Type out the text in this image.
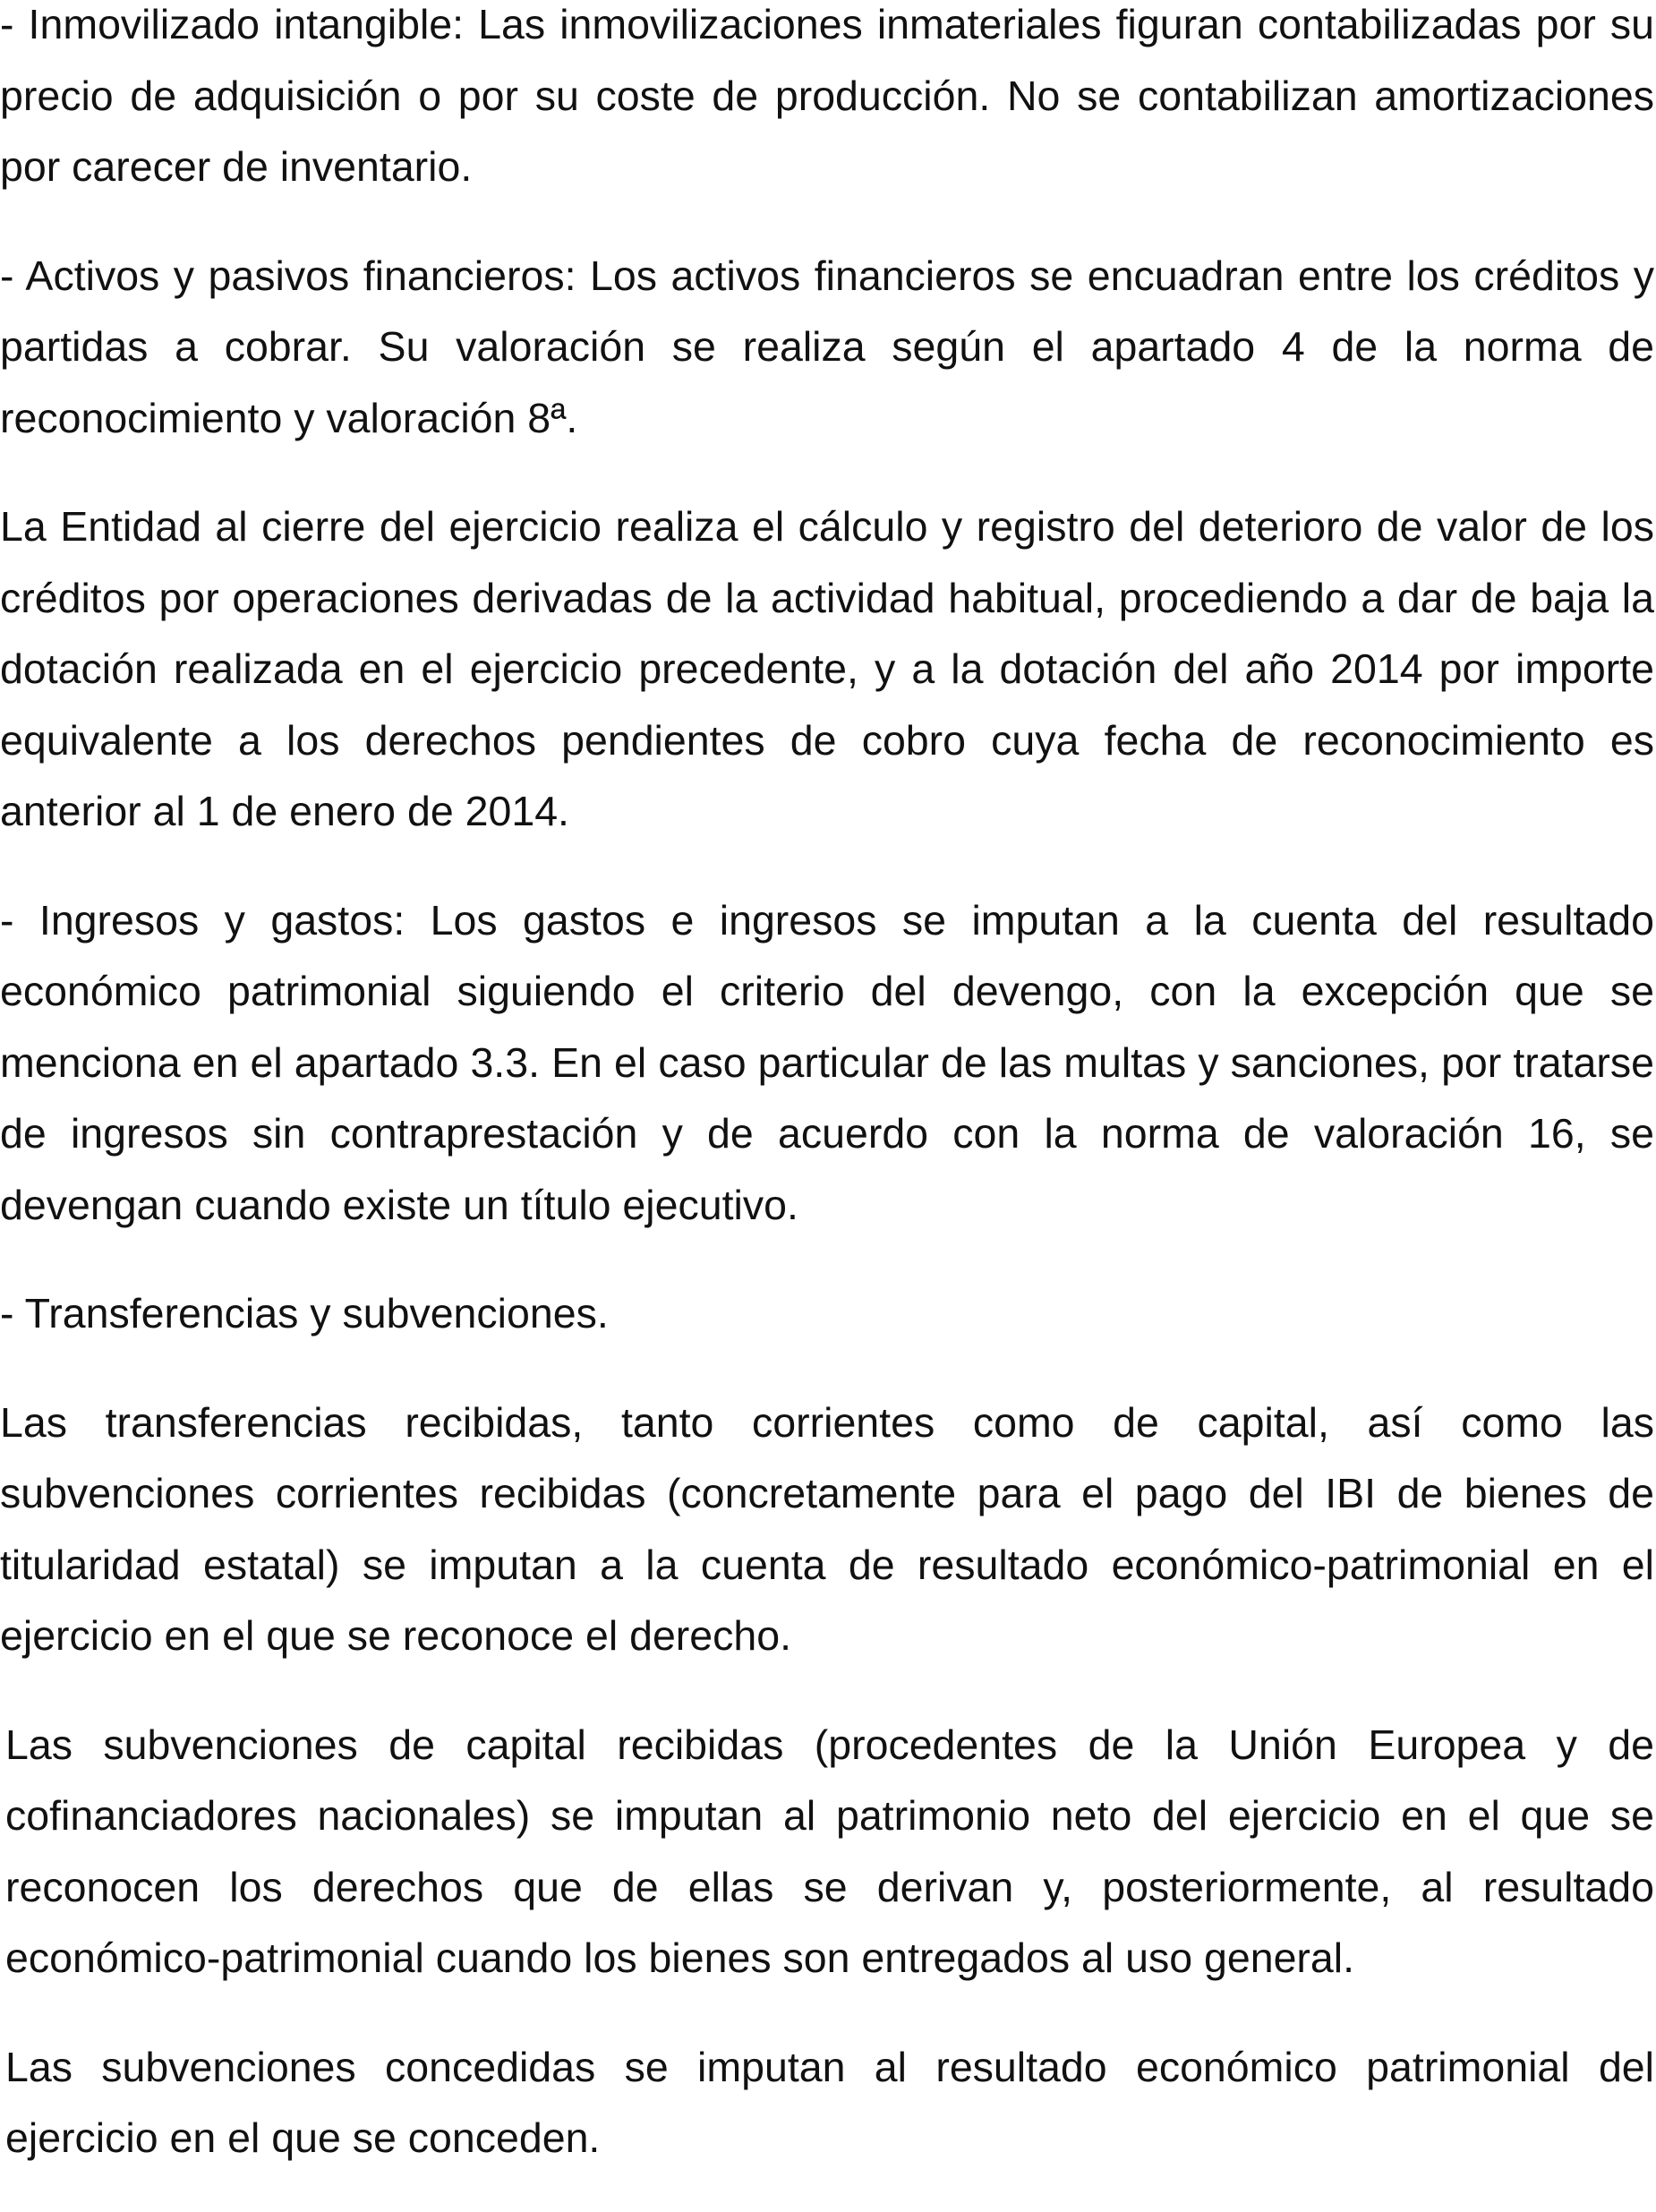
- Inmovilizado intangible: Las inmovilizaciones inmateriales figuran contabilizadas por su precio de adquisición o por su coste de producción. No se contabilizan amortizaciones por carecer de inventario.

- Activos y pasivos financieros: Los activos financieros se encuadran entre los créditos y partidas a cobrar. Su valoración se realiza según el apartado 4 de la norma de reconocimiento y valoración 8ª.

La Entidad al cierre del ejercicio realiza el cálculo y registro del deterioro de valor de los créditos por operaciones derivadas de la actividad habitual, procediendo a dar de baja la dotación realizada en el ejercicio precedente, y a la dotación del año 2014 por importe equivalente a los derechos pendientes de cobro cuya fecha de reconocimiento es anterior al 1 de enero de 2014.

- Ingresos y gastos: Los gastos e ingresos se imputan a la cuenta del resultado económico patrimonial siguiendo el criterio del devengo, con la excepción que se menciona en el apartado 3.3. En el caso particular de las multas y sanciones, por tratarse de ingresos sin contraprestación y de acuerdo con la norma de valoración 16, se devengan cuando existe un título ejecutivo.

- Transferencias y subvenciones.

Las transferencias recibidas, tanto corrientes como de capital, así como las subvenciones corrientes recibidas (concretamente para el pago del IBI de bienes de titularidad estatal) se imputan a la cuenta de resultado económico-patrimonial en el ejercicio en el que se reconoce el derecho.

Las subvenciones de capital recibidas (procedentes de la Unión Europea y de cofinanciadores nacionales) se imputan al patrimonio neto del ejercicio en el que se reconocen los derechos que de ellas se derivan y, posteriormente, al resultado económico-patrimonial cuando los bienes son entregados al uso general.

Las subvenciones concedidas se imputan al resultado económico patrimonial del ejercicio en el que se conceden.
